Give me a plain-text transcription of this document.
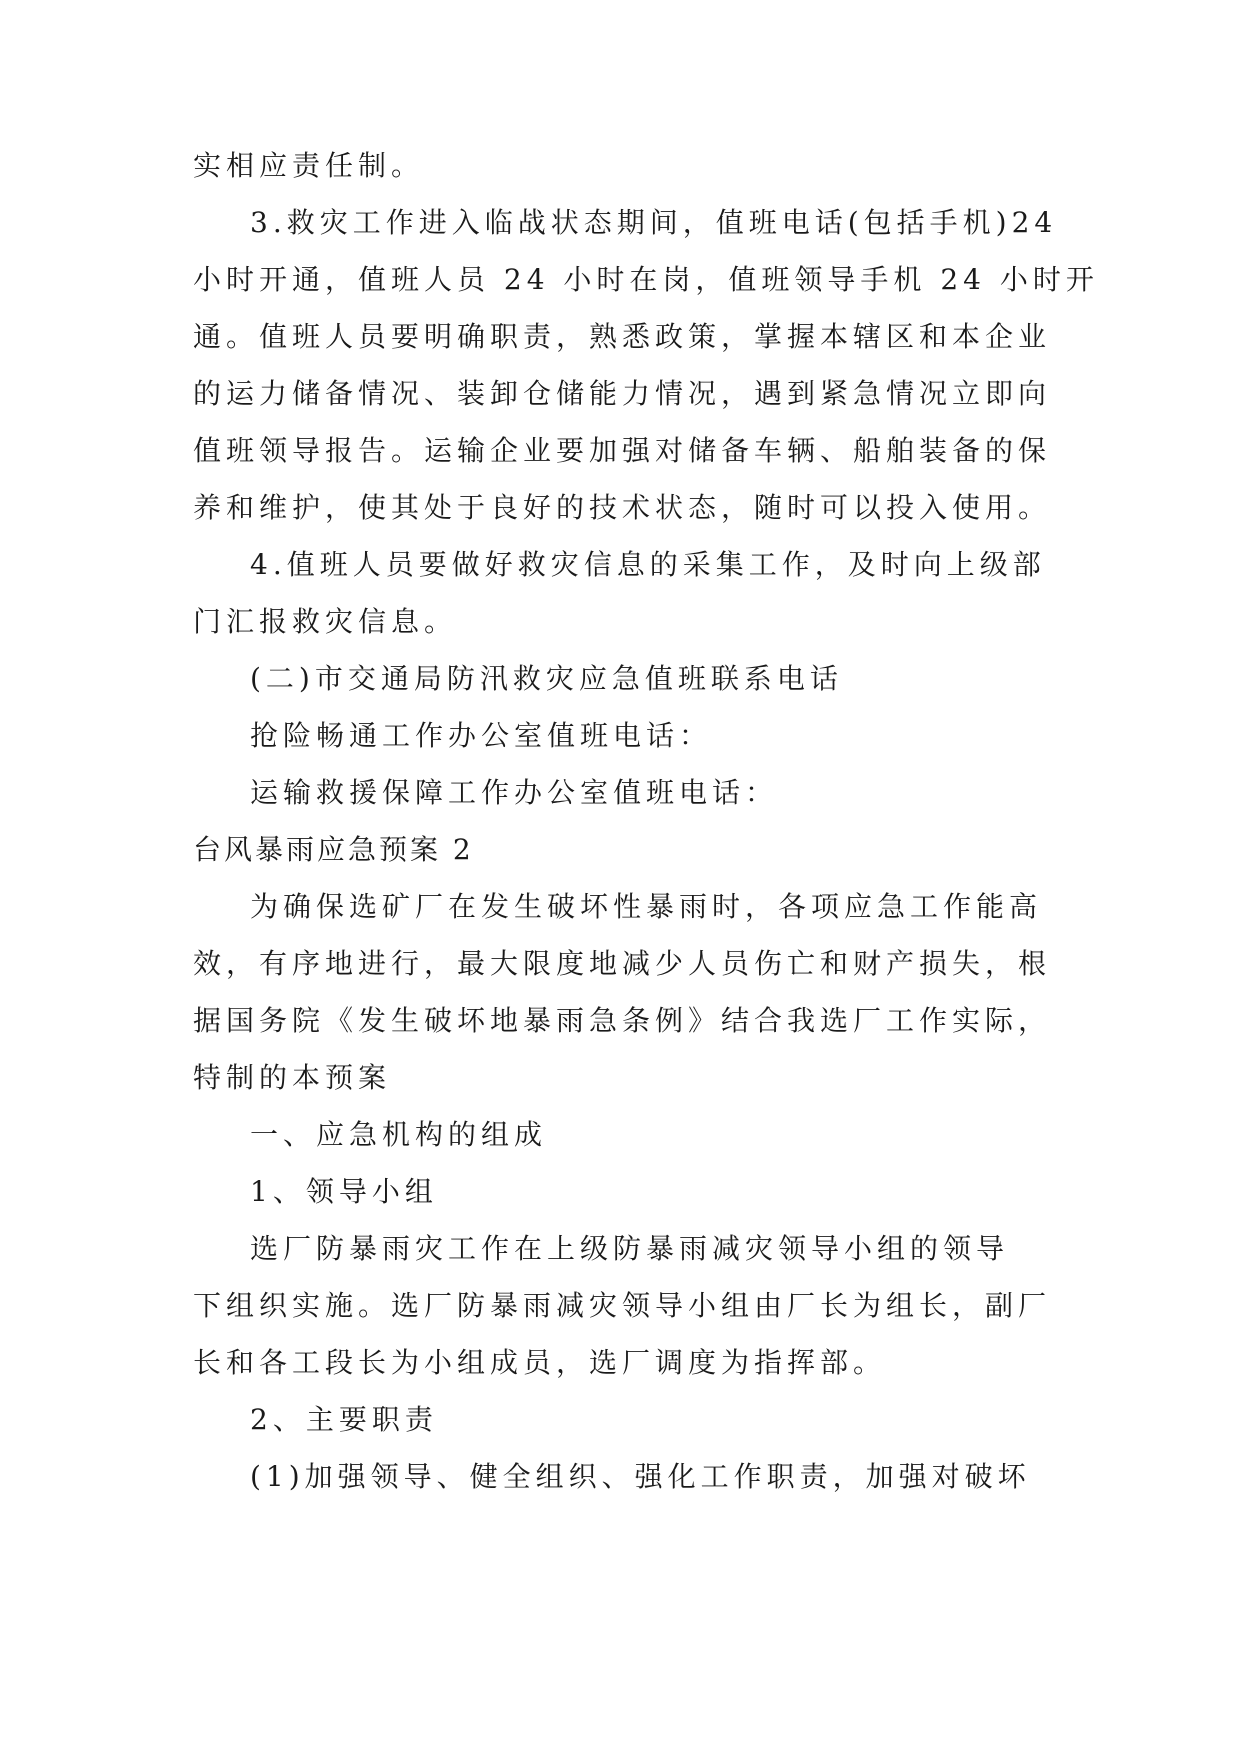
实相应责任制。
3.救灾工作进入临战状态期间，值班电话(包括手机)24
小时开通，值班人员 24 小时在岗，值班领导手机 24 小时开
通。值班人员要明确职责，熟悉政策，掌握本辖区和本企业
的运力储备情况、装卸仓储能力情况，遇到紧急情况立即向
值班领导报告。运输企业要加强对储备车辆、船舶装备的保
养和维护，使其处于良好的技术状态，随时可以投入使用。
4.值班人员要做好救灾信息的采集工作，及时向上级部
门汇报救灾信息。
(二)市交通局防汛救灾应急值班联系电话
抢险畅通工作办公室值班电话：
运输救援保障工作办公室值班电话：
台风暴雨应急预案 2
为确保选矿厂在发生破坏性暴雨时，各项应急工作能高
效，有序地进行，最大限度地减少人员伤亡和财产损失，根
据国务院《发生破坏地暴雨急条例》结合我选厂工作实际，
特制的本预案
一、应急机构的组成
1、领导小组
选厂防暴雨灾工作在上级防暴雨减灾领导小组的领导
下组织实施。选厂防暴雨减灾领导小组由厂长为组长，副厂
长和各工段长为小组成员，选厂调度为指挥部。
2、主要职责
(1)加强领导、健全组织、强化工作职责，加强对破坏
